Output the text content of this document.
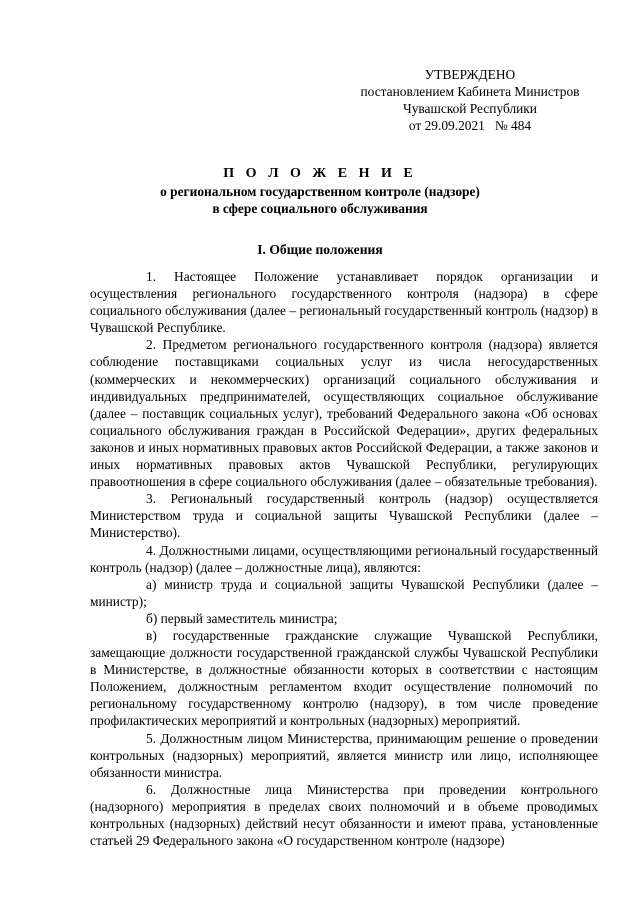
УТВЕРЖДЕНО
постановлением Кабинета Министров
Чувашской Республики
от 29.09.2021   № 484
П О Л О Ж Е Н И Е
о региональном государственном контроле (надзоре)
в сфере социального обслуживания
I. Общие положения

1. Настоящее Положение устанавливает порядок организации и осуществления регионального государственного контроля (надзора) в сфере социального обслуживания (далее – региональный государственный контроль (надзор) в Чувашской Республике.

2. Предметом регионального государственного контроля (надзора) является соблюдение поставщиками социальных услуг из числа негосударственных (коммерческих и некоммерческих) организаций социального обслуживания и индивидуальных предпринимателей, осуществляющих социальное обслуживание (далее – поставщик социальных услуг), требований Федерального закона «Об основах социального обслуживания граждан в Российской Федерации», других федеральных законов и иных нормативных правовых актов Российской Федерации, а также законов и иных нормативных правовых актов Чувашской Республики, регулирующих правоотношения в сфере социального обслуживания (далее – обязательные требования).

3. Региональный государственный контроль (надзор) осуществляется Министерством труда и социальной защиты Чувашской Республики (далее – Министерство).

4. Должностными лицами, осуществляющими региональный государственный контроль (надзор) (далее – должностные лица), являются:

а) министр труда и социальной защиты Чувашской Республики (далее – министр);

б) первый заместитель министра;

в) государственные гражданские служащие Чувашской Республики, замещающие должности государственной гражданской службы Чувашской Республики в Министерстве, в должностные обязанности которых в соответствии с настоящим Положением, должностным регламентом входит осуществление полномочий по региональному государственному контролю (надзору), в том числе проведение профилактических мероприятий и контрольных (надзорных) мероприятий.

5. Должностным лицом Министерства, принимающим решение о проведении контрольных (надзорных) мероприятий, является министр или лицо, исполняющее обязанности министра.

6. Должностные лица Министерства при проведении контрольного (надзорного) мероприятия в пределах своих полномочий и в объеме проводимых контрольных (надзорных) действий несут обязанности и имеют права, установленные статьей 29 Федерального закона «О государственном контроле (надзоре)
